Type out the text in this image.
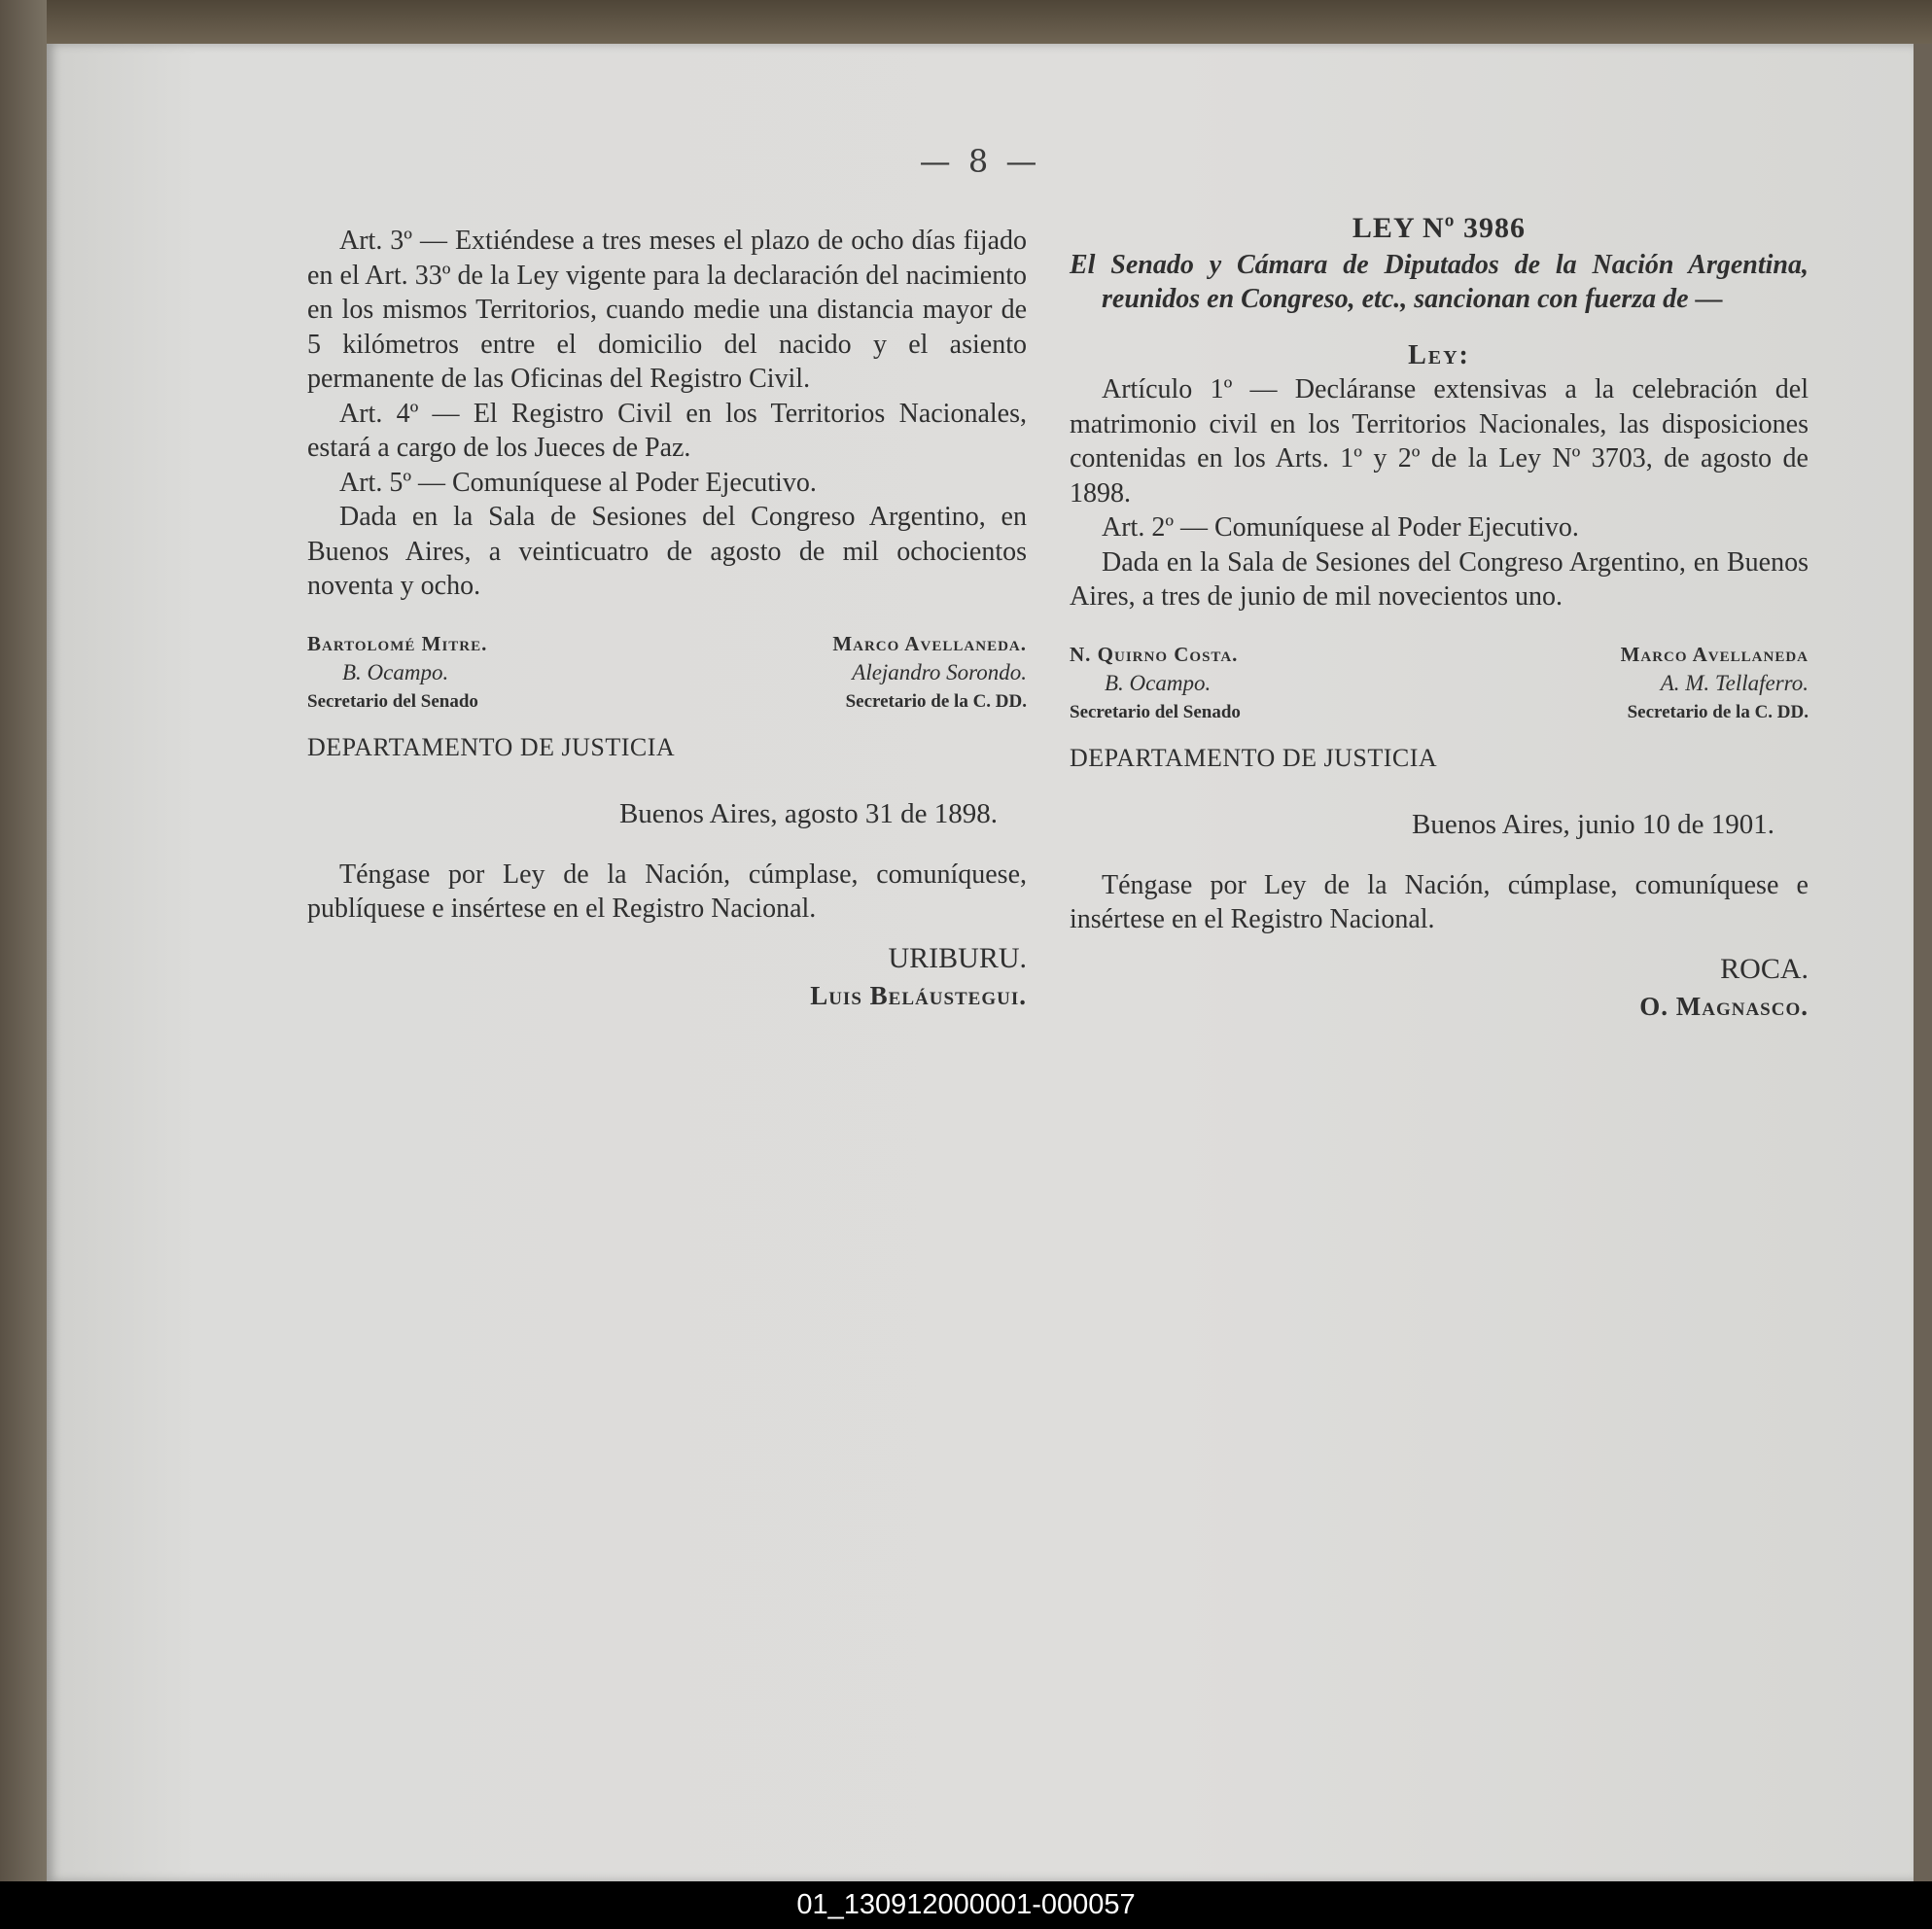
— 8 —

Art. 3º — Extiéndese a tres meses el plazo de ocho días fijado en el Art. 33º de la Ley vigente para la declaración del nacimiento en los mismos Territorios, cuando medie una distancia mayor de 5 kilómetros entre el domicilio del nacido y el asiento permanente de las Oficinas del Registro Civil.

Art. 4º — El Registro Civil en los Territorios Nacionales, estará a cargo de los Jueces de Paz.

Art. 5º — Comuníquese al Poder Ejecutivo.

Dada en la Sala de Sesiones del Congreso Argentino, en Buenos Aires, a veinticuatro de agosto de mil ochocientos noventa y ocho.

Bartolomé Mitre.
B. Ocampo.
Secretario del Senado
Marco Avellaneda.
Alejandro Sorondo.
Secretario de la C. DD.
DEPARTAMENTO DE JUSTICIA
Buenos Aires, agosto 31 de 1898.

Téngase por Ley de la Nación, cúmplase, comuníquese, publíquese e insértese en el Registro Nacional.

URIBURU.
Luis Beláustegui.
LEY Nº 3986

El Senado y Cámara de Diputados de la Nación Argentina, reunidos en Congreso, etc., sancionan con fuerza de —

Ley:

Artículo 1º — Decláranse extensivas a la celebración del matrimonio civil en los Territorios Nacionales, las disposiciones contenidas en los Arts. 1º y 2º de la Ley Nº 3703, de agosto de 1898.

Art. 2º — Comuníquese al Poder Ejecutivo.

Dada en la Sala de Sesiones del Congreso Argentino, en Buenos Aires, a tres de junio de mil novecientos uno.

N. Quirno Costa.
B. Ocampo.
Secretario del Senado
Marco Avellaneda
A. M. Tellaferro.
Secretario de la C. DD.
DEPARTAMENTO DE JUSTICIA
Buenos Aires, junio 10 de 1901.

Téngase por Ley de la Nación, cúmplase, comuníquese e insértese en el Registro Nacional.

ROCA.
O. Magnasco.
01_130912000001-000057
